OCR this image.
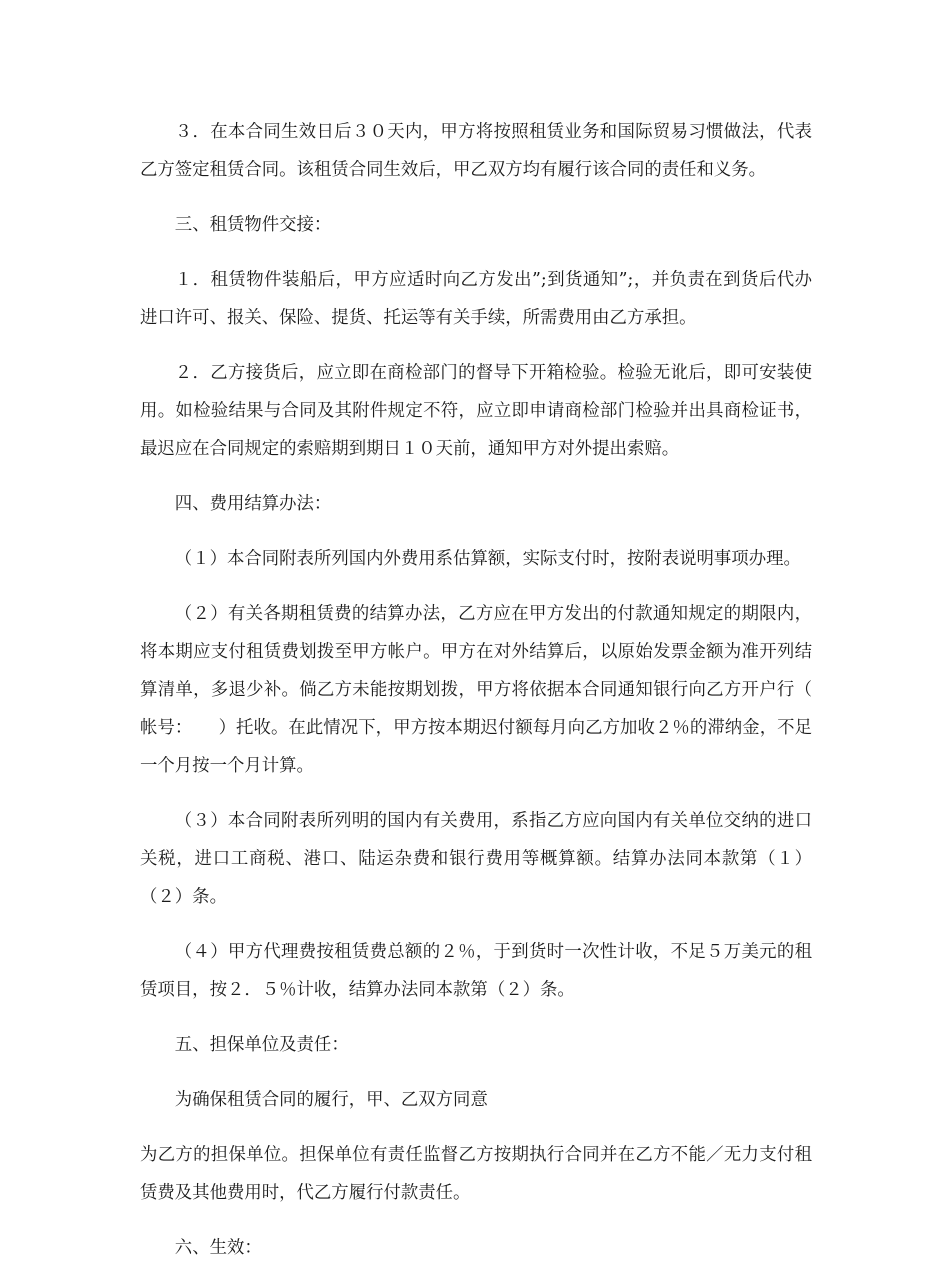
３．在本合同生效日后３０天内，甲方将按照租赁业务和国际贸易习惯做法，代表乙方签定租赁合同。该租赁合同生效后，甲乙双方均有履行该合同的责任和义务。

三、租赁物件交接：

１．租赁物件装船后，甲方应适时向乙方发出”;到货通知”;，并负责在到货后代办进口许可、报关、保险、提货、托运等有关手续，所需费用由乙方承担。

２．乙方接货后，应立即在商检部门的督导下开箱检验。检验无讹后，即可安装使用。如检验结果与合同及其附件规定不符，应立即申请商检部门检验并出具商检证书，最迟应在合同规定的索赔期到期日１０天前，通知甲方对外提出索赔。

四、费用结算办法：

（１）本合同附表所列国内外费用系估算额，实际支付时，按附表说明事项办理。

（２）有关各期租赁费的结算办法，乙方应在甲方发出的付款通知规定的期限内，将本期应支付租赁费划拨至甲方帐户。甲方在对外结算后，以原始发票金额为准开列结算清单，多退少补。倘乙方未能按期划拨，甲方将依据本合同通知银行向乙方开户行（　　帐号：　　）托收。在此情况下，甲方按本期迟付额每月向乙方加收２％的滞纳金，不足一个月按一个月计算。

（３）本合同附表所列明的国内有关费用，系指乙方应向国内有关单位交纳的进口关税，进口工商税、港口、陆运杂费和银行费用等概算额。结算办法同本款第（１）（２）条。

（４）甲方代理费按租赁费总额的２％，于到货时一次性计收，不足５万美元的租赁项目，按２．５％计收，结算办法同本款第（２）条。

五、担保单位及责任：

为确保租赁合同的履行，甲、乙双方同意

为乙方的担保单位。担保单位有责任监督乙方按期执行合同并在乙方不能／无力支付租赁费及其他费用时，代乙方履行付款责任。

六、生效：
